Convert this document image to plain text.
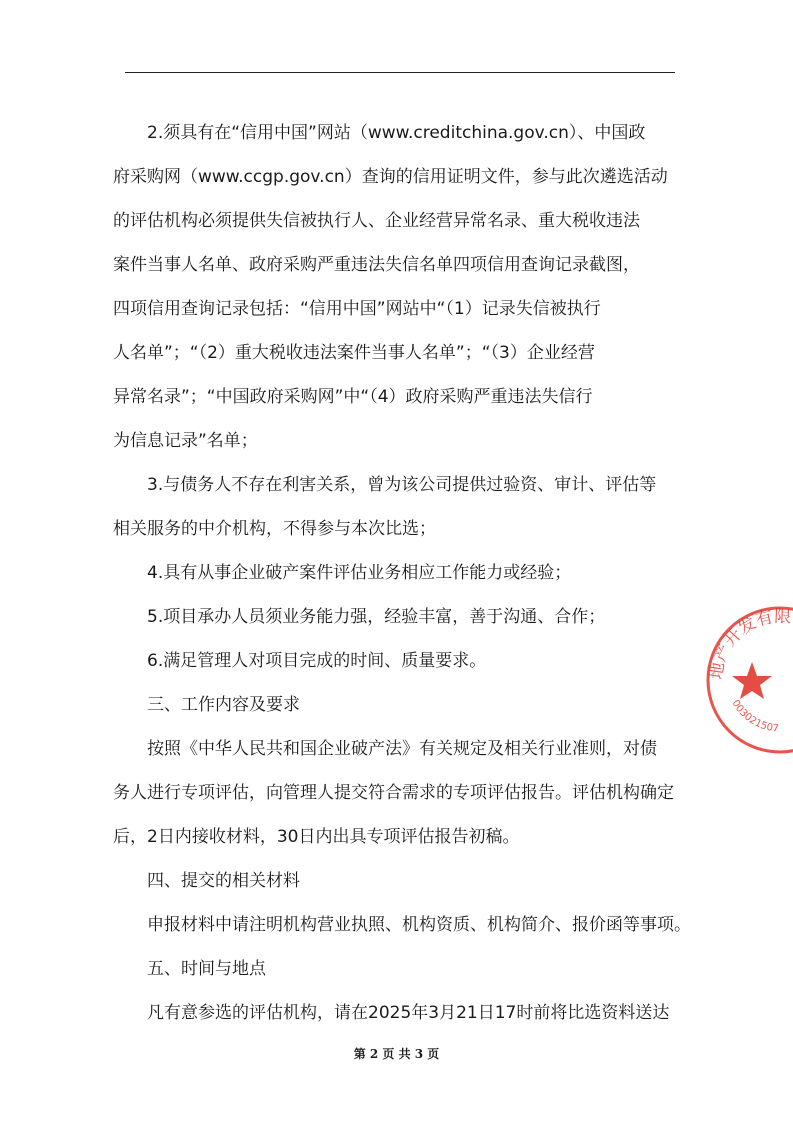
2.须具有在“信用中国”网站（www.creditchina.gov.cn）、中国政
府采购网（www.ccgp.gov.cn）查询的信用证明文件，参与此次遴选活动
的评估机构必须提供失信被执行人、企业经营异常名录、重大税收违法
案件当事人名单、政府采购严重违法失信名单四项信用查询记录截图，
四项信用查询记录包括：“信用中国”网站中“（1）记录失信被执行
人名单”；“（2）重大税收违法案件当事人名单”；“（3）企业经营
异常名录”；“中国政府采购网”中“（4）政府采购严重违法失信行
为信息记录”名单；
3.与债务人不存在利害关系，曾为该公司提供过验资、审计、评估等
相关服务的中介机构，不得参与本次比选；
4.具有从事企业破产案件评估业务相应工作能力或经验；
5.项目承办人员须业务能力强，经验丰富，善于沟通、合作；
6.满足管理人对项目完成的时间、质量要求。
三、工作内容及要求
按照《中华人民共和国企业破产法》有关规定及相关行业准则，对债
务人进行专项评估，向管理人提交符合需求的专项评估报告。评估机构确定
后，2日内接收材料，30日内出具专项评估报告初稿。
四、提交的相关材料
申报材料中请注明机构营业执照、机构资质、机构简介、报价函等事项。
五、时间与地点
凡有意参选的评估机构，请在2025年3月21日17时前将比选资料送达
第 2 页 共 3 页
地产开发有限
003021507
